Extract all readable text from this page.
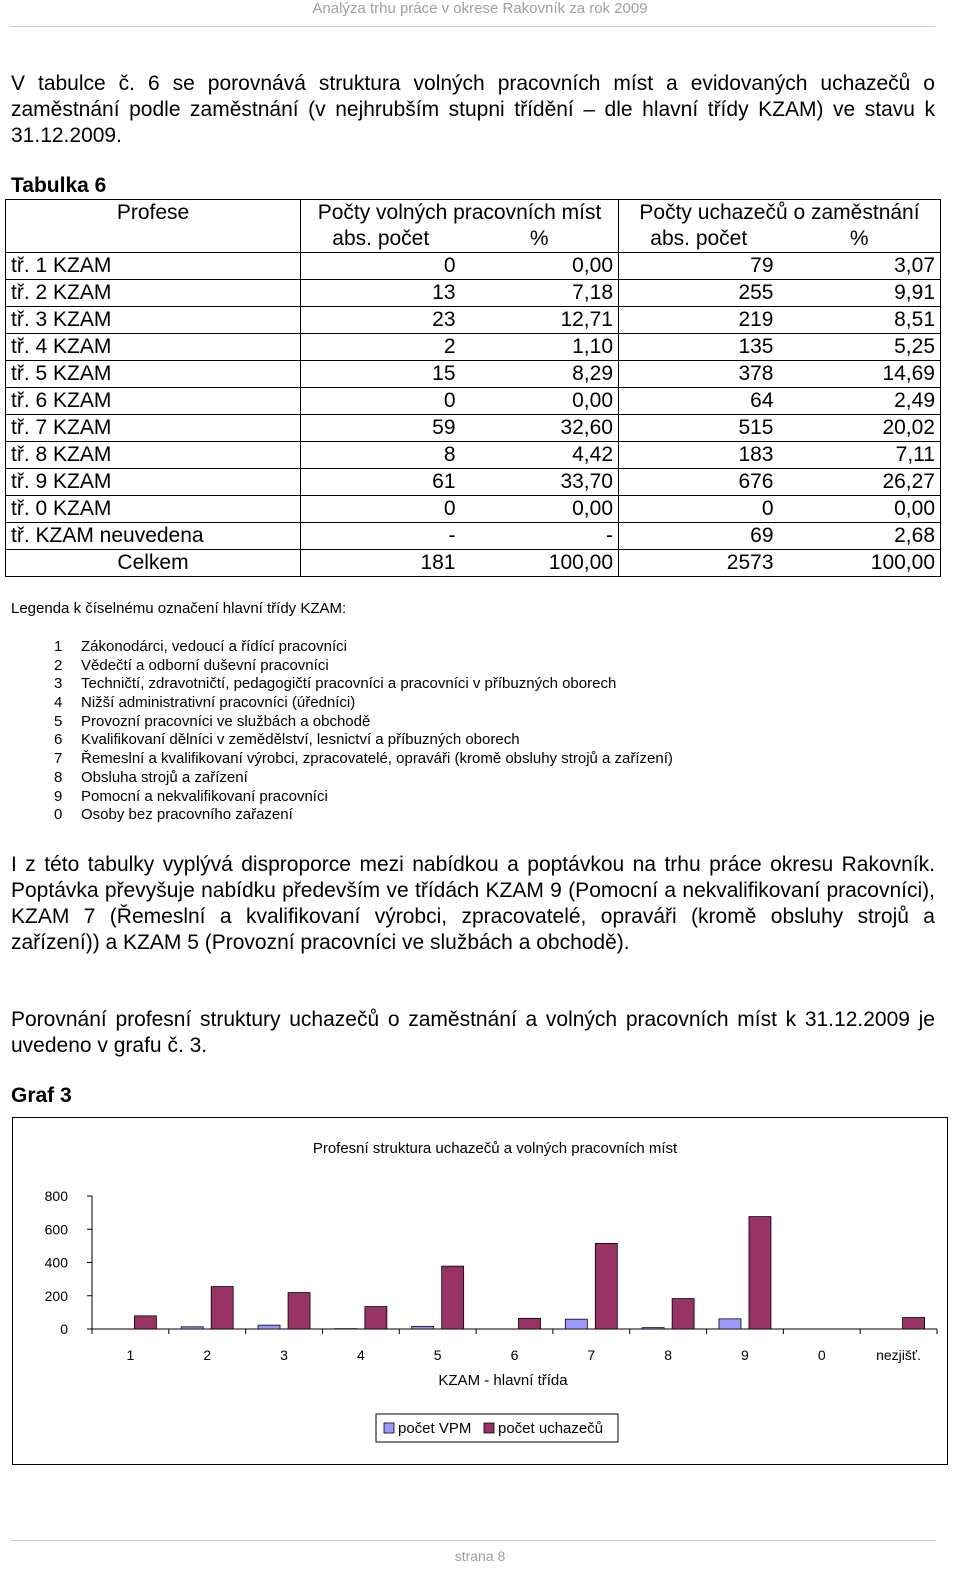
Analýza trhu práce v okrese Rakovník za rok 2009

V tabulce č. 6 se porovnává struktura volných pracovních míst a evidovaných uchazečů o zaměstnání podle zaměstnání (v nejhrubším stupni třídění – dle hlavní třídy KZAM) ve stavu k 31.12.2009.

Tabulka 6
Profese	Počty volných pracovních míst		Počty uchazečů o zaměstnání	
	abs. počet	%	abs. počet	%
tř. 1 KZAM	0	0,00	79	3,07
tř. 2 KZAM	13	7,18	255	9,91
tř. 3 KZAM	23	12,71	219	8,51
tř. 4 KZAM	2	1,10	135	5,25
tř. 5 KZAM	15	8,29	378	14,69
tř. 6 KZAM	0	0,00	64	2,49
tř. 7 KZAM	59	32,60	515	20,02
tř. 8 KZAM	8	4,42	183	7,11
tř. 9 KZAM	61	33,70	676	26,27
tř. 0 KZAM	0	0,00	0	0,00
tř. KZAM neuvedena	-	-	69	2,68
Celkem	181	100,00	2573	100,00
Legenda k číselnému označení hlavní třídy KZAM:
1	Zákonodárci, vedoucí a řídící pracovníci
2	Vědečtí a odborní duševní pracovníci
3	Techničtí, zdravotničtí, pedagogičtí pracovníci a pracovníci v příbuzných oborech
4	Nižší administrativní pracovníci (úředníci)
5	Provozní pracovníci ve službách a obchodě
6	Kvalifikovaní dělníci v zemědělství, lesnictví a příbuzných oborech
7	Řemeslní a kvalifikovaní výrobci, zpracovatelé, opraváři (kromě obsluhy strojů a zařízení)
8	Obsluha strojů a zařízení
9	Pomocní a nekvalifikovaní pracovníci
0	Osoby bez pracovního zařazení

I z této tabulky vyplývá disproporce mezi nabídkou a poptávkou na trhu práce okresu Rakovník. Poptávka převyšuje nabídku především ve třídách KZAM 9 (Pomocní a nekvalifikovaní pracovníci), KZAM 7 (Řemeslní a kvalifikovaní výrobci, zpracovatelé, opraváři (kromě obsluhy strojů a zařízení)) a KZAM 5 (Provozní pracovníci ve službách a obchodě).

Porovnání profesní struktury uchazečů o zaměstnání a volných pracovních míst k 31.12.2009 je uvedeno v grafu č. 3.

Graf 3
Profesní struktura uchazečů a volných pracovních míst
0
200
400
600
800
1	2	3	4	5	6	7	8	9	0	nezjišť.
KZAM - hlavní třída
počet VPM počet uchazečů
strana 8
